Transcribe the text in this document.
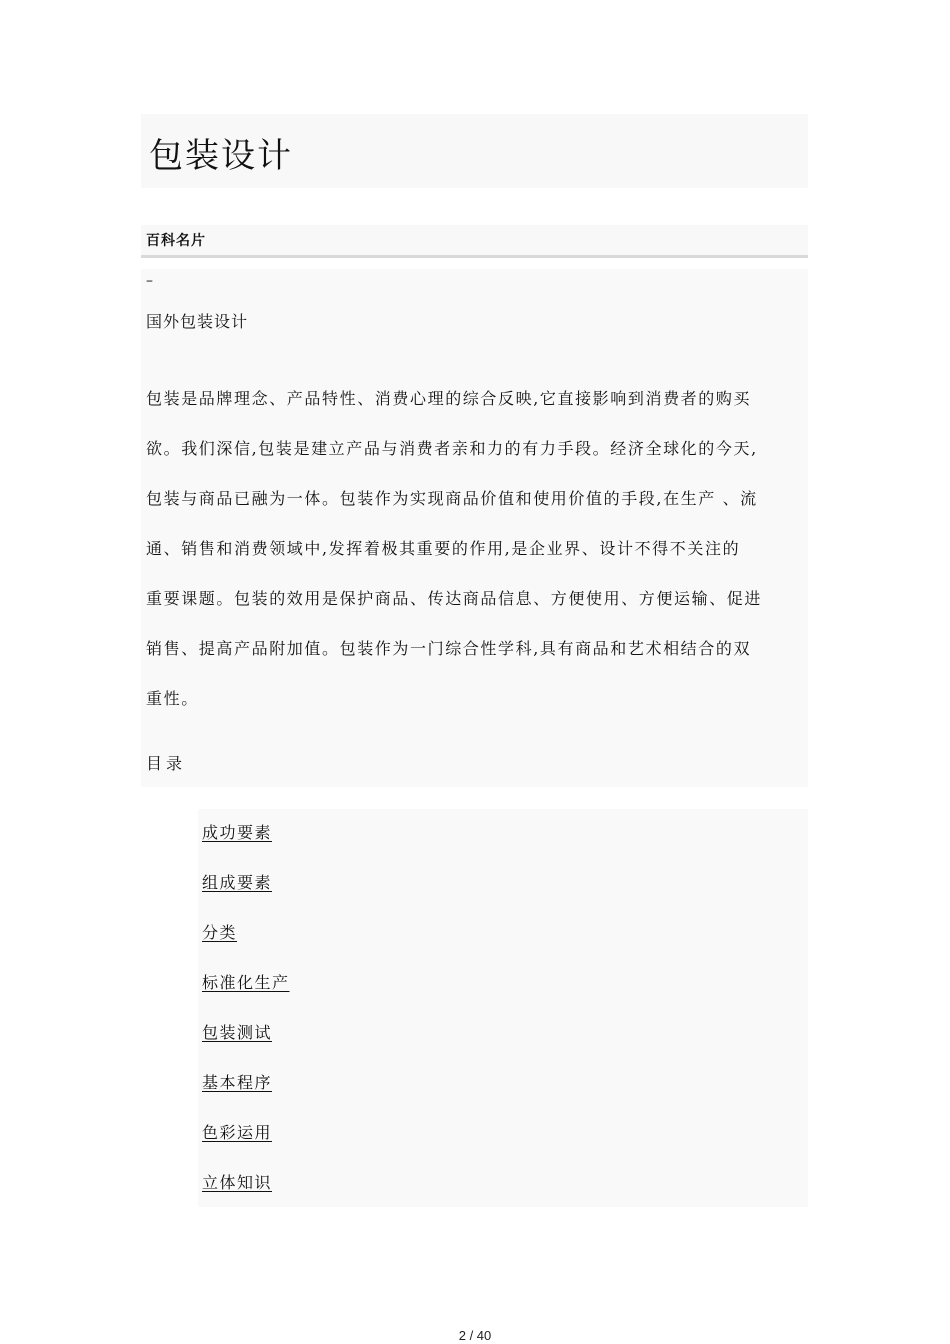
包装设计
百科名片
–
国外包装设计
包装是品牌理念、产品特性、消费心理的综合反映,它直接影响到消费者的购买
欲。我们深信,包装是建立产品与消费者亲和力的有力手段。经济全球化的今天,
包装与商品已融为一体。包装作为实现商品价值和使用价值的手段,在生产 、流
通、销售和消费领域中,发挥着极其重要的作用,是企业界、设计不得不关注的
重要课题。包装的效用是保护商品、传达商品信息、方便使用、方便运输、促进
销售、提高产品附加值。包装作为一门综合性学科,具有商品和艺术相结合的双
重性。
目录
成功要素
组成要素
分类
标准化生产
包装测试
基本程序
色彩运用
立体知识
2 / 40
